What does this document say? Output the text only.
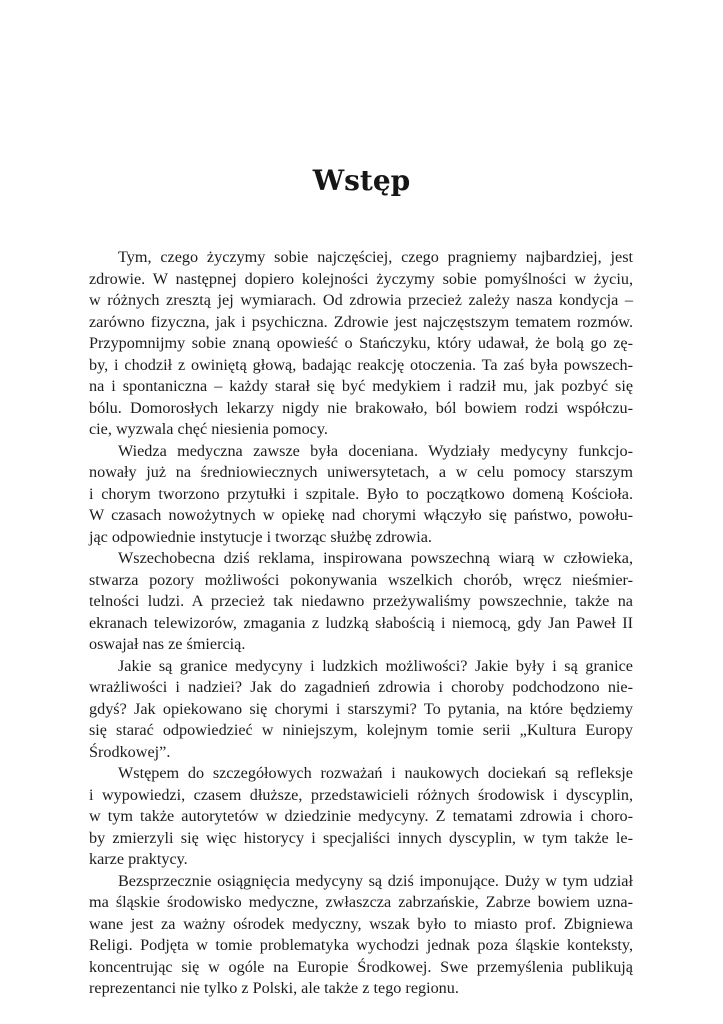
Wstęp
Tym, czego życzymy sobie najczęściej, czego pragniemy najbardziej, jest
zdrowie. W następnej dopiero kolejności życzymy sobie pomyślności w życiu,
w różnych zresztą jej wymiarach. Od zdrowia przecież zależy nasza kondycja –
zarówno fizyczna, jak i psychiczna. Zdrowie jest najczęstszym tematem rozmów.
Przypomnijmy sobie znaną opowieść o Stańczyku, który udawał, że bolą go zę-
by, i chodził z owiniętą głową, badając reakcję otoczenia. Ta zaś była powszech-
na i spontaniczna – każdy starał się być medykiem i radził mu, jak pozbyć się
bólu. Domorosłych lekarzy nigdy nie brakowało, ból bowiem rodzi współczu-
cie, wyzwala chęć niesienia pomocy.
Wiedza medyczna zawsze była doceniana. Wydziały medycyny funkcjo-
nowały już na średniowiecznych uniwersytetach, a w celu pomocy starszym
i chorym tworzono przytułki i szpitale. Było to początkowo domeną Kościoła.
W czasach nowożytnych w opiekę nad chorymi włączyło się państwo, powołu-
jąc odpowiednie instytucje i tworząc służbę zdrowia.
Wszechobecna dziś reklama, inspirowana powszechną wiarą w człowieka,
stwarza pozory możliwości pokonywania wszelkich chorób, wręcz nieśmier-
telności ludzi. A przecież tak niedawno przeżywaliśmy powszechnie, także na
ekranach telewizorów, zmagania z ludzką słabością i niemocą, gdy Jan Paweł II
oswajał nas ze śmiercią.
Jakie są granice medycyny i ludzkich możliwości? Jakie były i są granice
wrażliwości i nadziei? Jak do zagadnień zdrowia i choroby podchodzono nie-
gdyś? Jak opiekowano się chorymi i starszymi? To pytania, na które będziemy
się starać odpowiedzieć w niniejszym, kolejnym tomie serii „Kultura Europy
Środkowej”.
Wstępem do szczegółowych rozważań i naukowych dociekań są refleksje
i wypowiedzi, czasem dłuższe, przedstawicieli różnych środowisk i dyscyplin,
w tym także autorytetów w dziedzinie medycyny. Z tematami zdrowia i choro-
by zmierzyli się więc historycy i specjaliści innych dyscyplin, w tym także le-
karze praktycy.
Bezsprzecznie osiągnięcia medycyny są dziś imponujące. Duży w tym udział
ma śląskie środowisko medyczne, zwłaszcza zabrzańskie, Zabrze bowiem uzna-
wane jest za ważny ośrodek medyczny, wszak było to miasto prof. Zbigniewa
Religi. Podjęta w tomie problematyka wychodzi jednak poza śląskie konteksty,
koncentrując się w ogóle na Europie Środkowej. Swe przemyślenia publikują
reprezentanci nie tylko z Polski, ale także z tego regionu.
